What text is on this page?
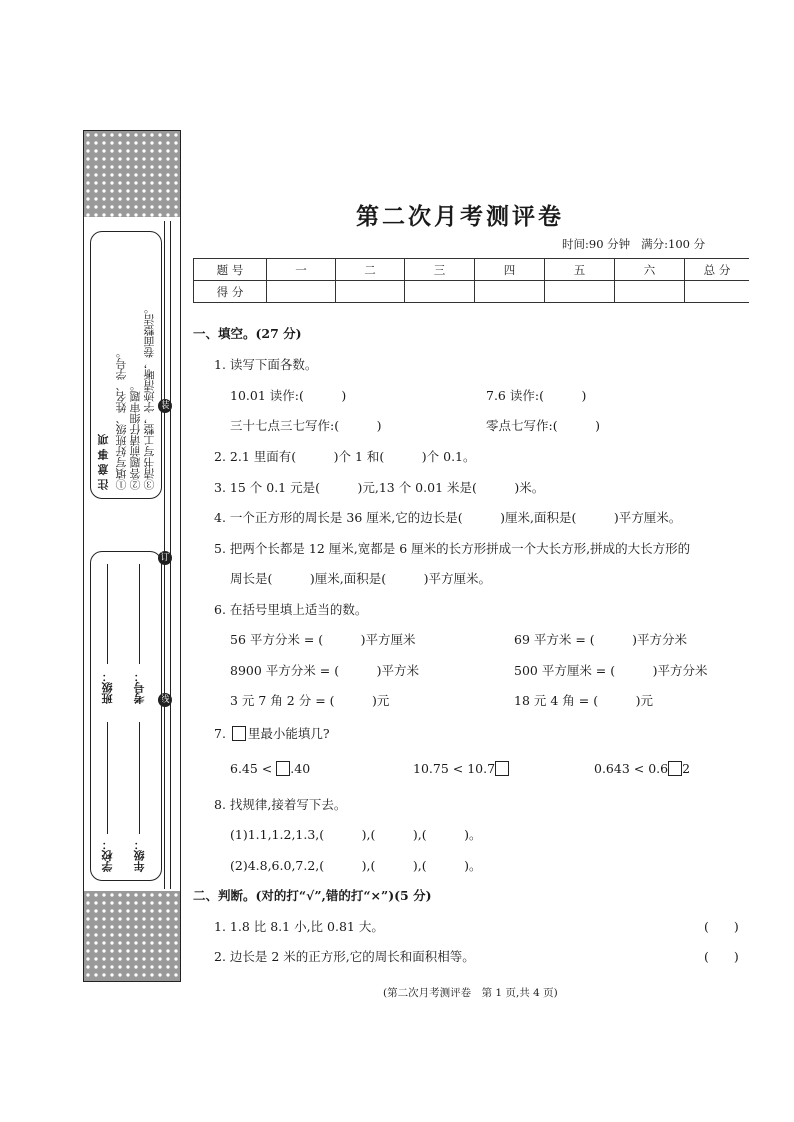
装
订
线
注意事项 ①填写好班级、姓名、学号。 ②答题前请仔细审题。 ③清书写工整，字迹清晰，卷面整洁。
学校：
班级：
年级：
考号：
第二次月考测评卷
时间:90 分钟 满分:100 分
题 号	一	二	三	四	五	六	总 分
得 分							
一、填空。(27 分)
1. 读写下面各数。
10.01 读作:(　　　)	7.6 读作:(　　　)
三十七点三七写作:(　　　)	零点七写作:(　　　)
2. 2.1 里面有(　　　)个 1 和(　　　)个 0.1。
3. 15 个 0.1 元是(　　　)元,13 个 0.01 米是(　　　)米。
4. 一个正方形的周长是 36 厘米,它的边长是(　　　)厘米,面积是(　　　)平方厘米。
5. 把两个长都是 12 厘米,宽都是 6 厘米的长方形拼成一个大长方形,拼成的大长方形的
周长是(　　　)厘米,面积是(　　　)平方厘米。
6. 在括号里填上适当的数。
56 平方分米 = (　　　)平方厘米	69 平方米 = (　　　)平方分米
8900 平方分米 = (　　　)平方米	500 平方厘米 = (　　　)平方分米
3 元 7 角 2 分 = (　　　)元	18 元 4 角 = (　　　)元
7. 里最小能填几?
6.45 < .40	10.75 < 10.7	0.643 < 0.6 2
8. 找规律,接着写下去。
(1)1.1,1.2,1.3,(　　　),(　　　),(　　　)。
(2)4.8,6.0,7.2,(　　　),(　　　),(　　　)。
二、判断。(对的打“√”,错的打“×”)(5 分)
1. 1.8 比 8.1 小,比 0.81 大。	(　　)
2. 边长是 2 米的正方形,它的周长和面积相等。	(　　)
(第二次月考测评卷　第 1 页,共 4 页)
